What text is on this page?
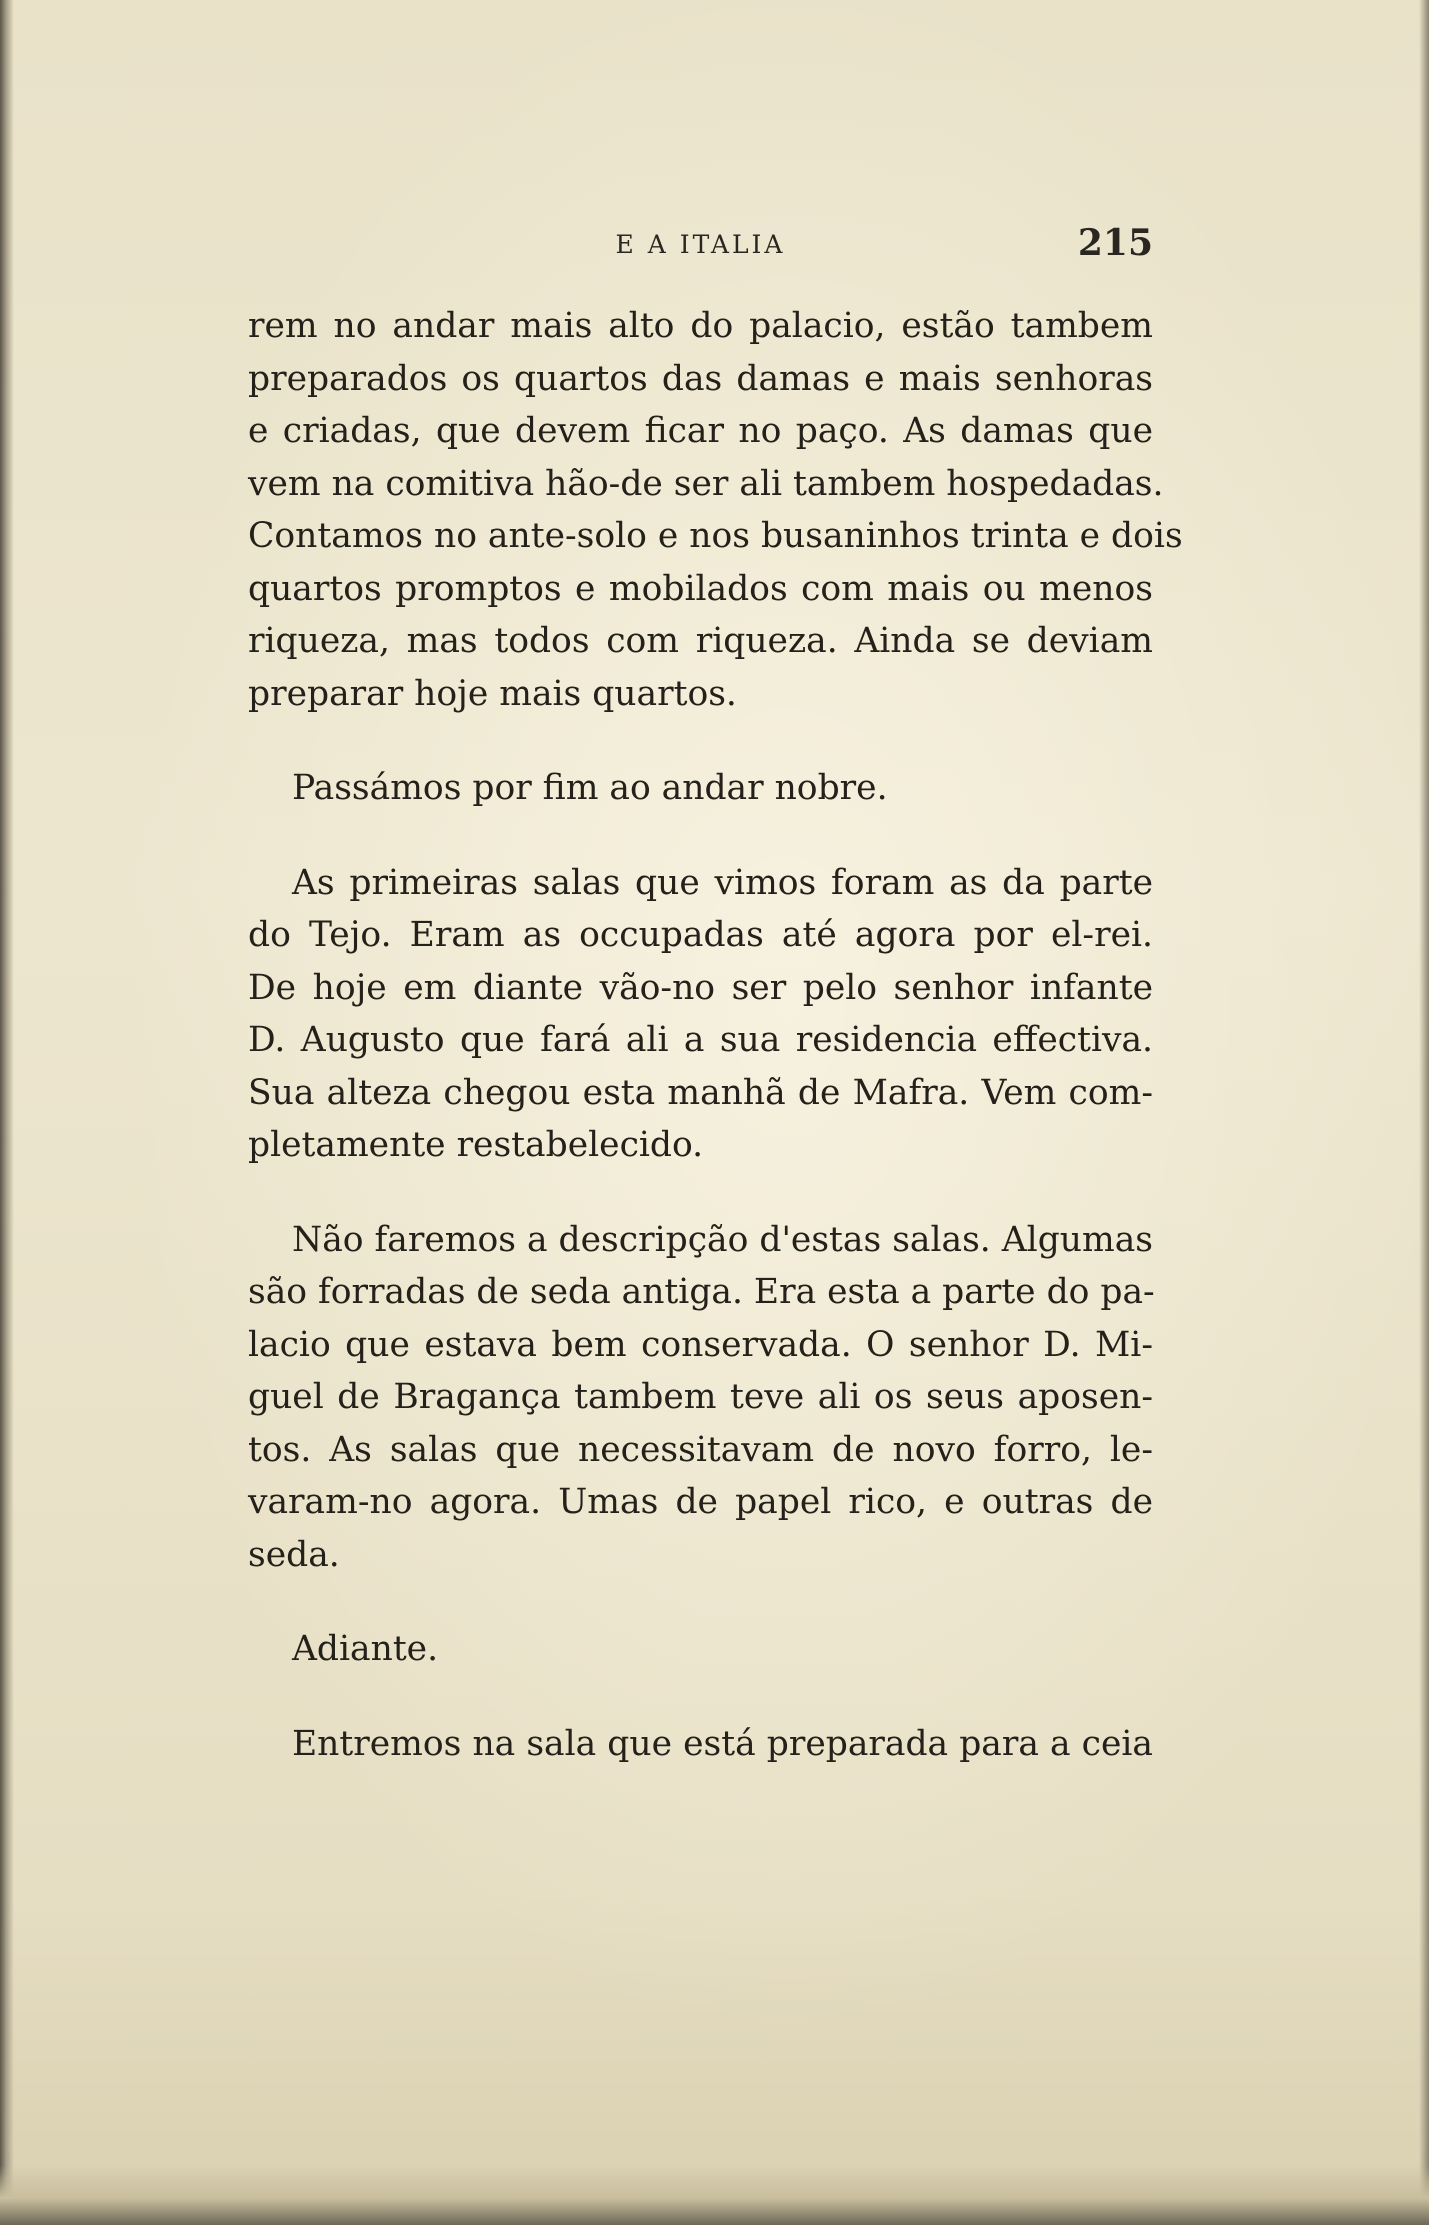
E A ITALIA	215
rem no andar mais alto do palacio, estão tambem
preparados os quartos das damas e mais senhoras
e criadas, que devem ficar no paço. As damas que
vem na comitiva hão-de ser ali tambem hospedadas.
Contamos no ante-solo e nos busaninhos trinta e dois
quartos promptos e mobilados com mais ou menos
riqueza, mas todos com riqueza. Ainda se deviam
preparar hoje mais quartos.
Passámos por fim ao andar nobre.
As primeiras salas que vimos foram as da parte
do Tejo. Eram as occupadas até agora por el-rei.
De hoje em diante vão-no ser pelo senhor infante
D. Augusto que fará ali a sua residencia effectiva.
Sua alteza chegou esta manhã de Mafra. Vem com-
pletamente restabelecido.
Não faremos a descripção d'estas salas. Algumas
são forradas de seda antiga. Era esta a parte do pa-
lacio que estava bem conservada. O senhor D. Mi-
guel de Bragança tambem teve ali os seus aposen-
tos. As salas que necessitavam de novo forro, le-
varam-no agora. Umas de papel rico, e outras de
seda.
Adiante.
Entremos na sala que está preparada para a ceia
